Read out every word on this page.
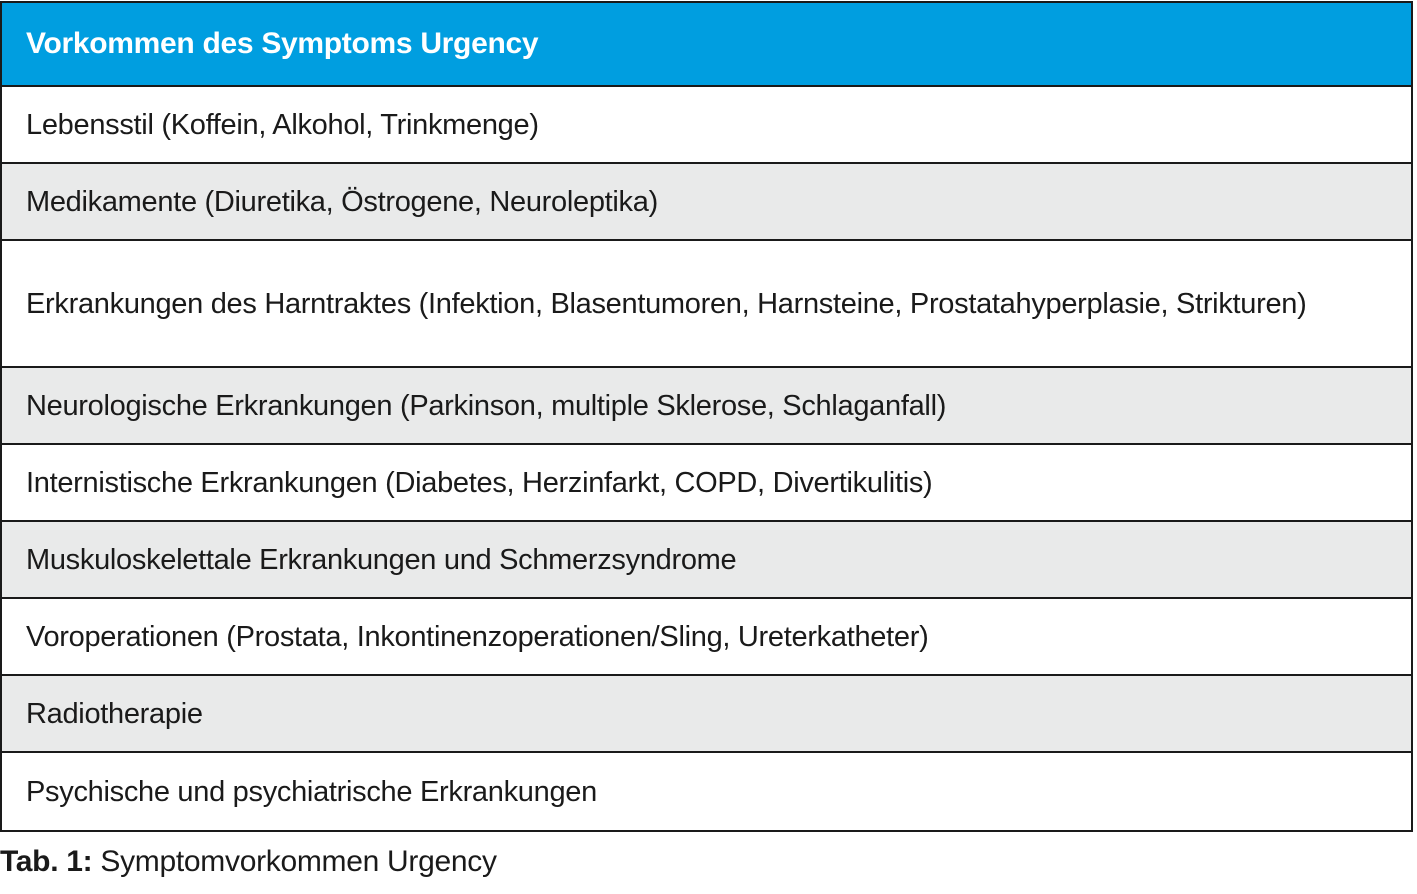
Vorkommen des Symptoms Urgency
Lebensstil (Koffein, Alkohol, Trinkmenge)
Medikamente (Diuretika, Östrogene, Neuroleptika)
Erkrankungen des Harntraktes (Infektion, Blasentumoren, Harnsteine, Prostatahyperplasie, Strikturen)
Neurologische Erkrankungen (Parkinson, multiple Sklerose, Schlaganfall)
Internistische Erkrankungen (Diabetes, Herzinfarkt, COPD, Divertikulitis)
Muskuloskelettale Erkrankungen und Schmerzsyndrome
Voroperationen (Prostata, Inkontinenzoperationen/Sling, Ureterkatheter)
Radiotherapie
Psychische und psychiatrische Erkrankungen
Tab. 1: Symptomvorkommen Urgency
